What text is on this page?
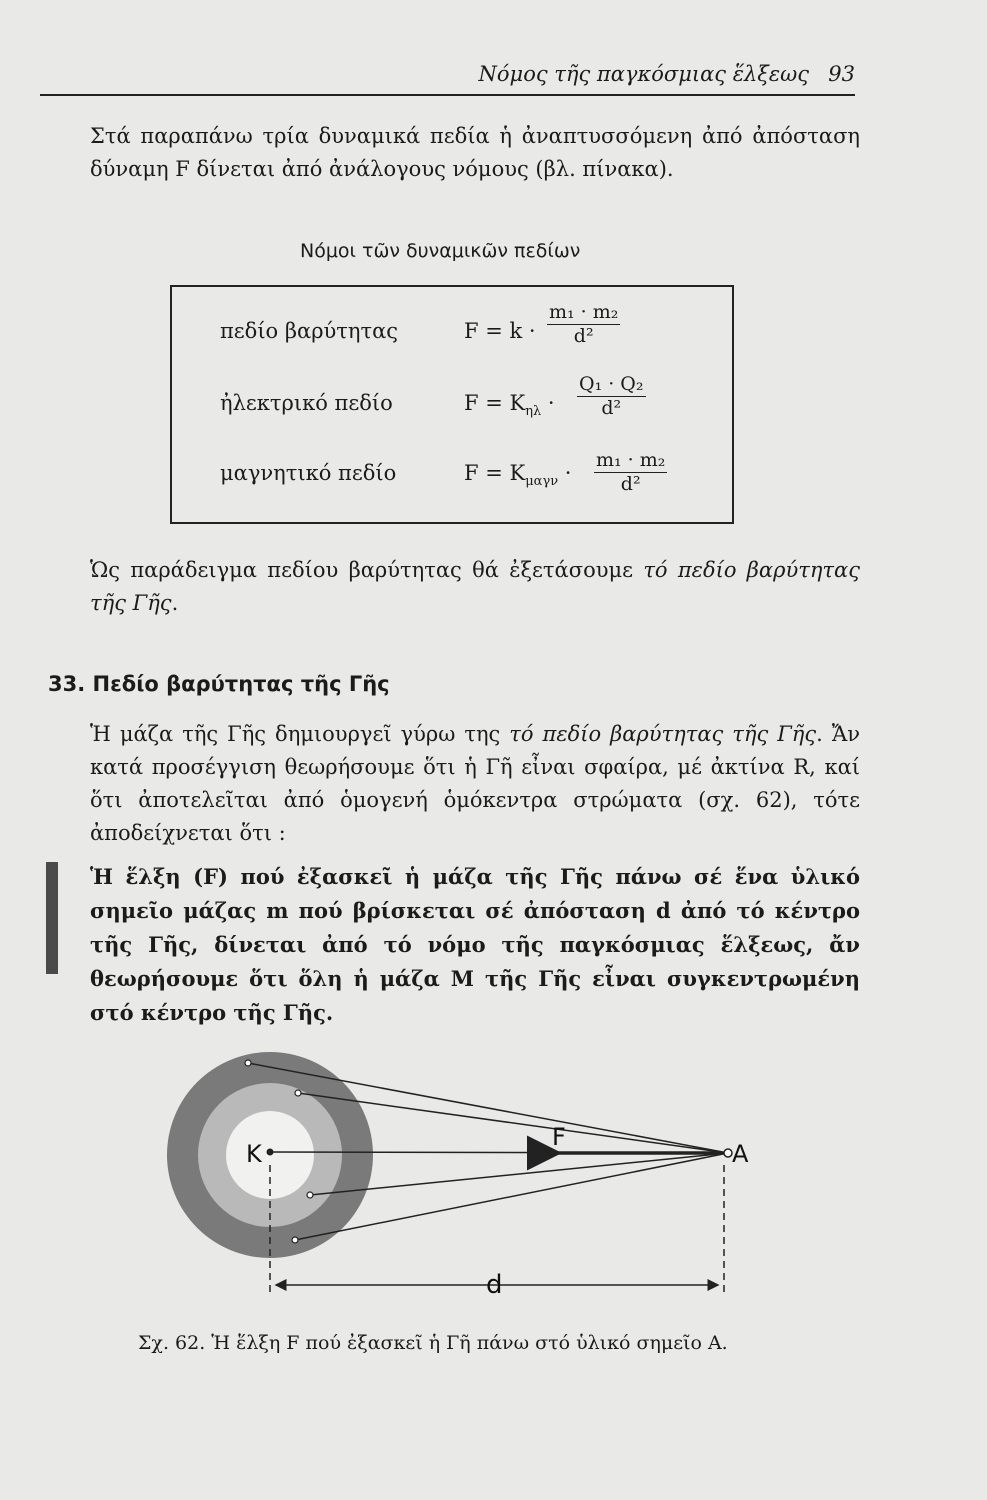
Νόμος τῆς παγκόσμιας ἕλξεως 93

Στά παραπάνω τρία δυναμικά πεδία ἡ ἀναπτυσσόμενη ἀπό ἀπόσταση δύναμη F δίνεται ἀπό ἀνάλογους νόμους (βλ. πίνακα).

Νόμοι τῶν δυναμικῶν πεδίων
πεδίο βαρύτητας	$F = k \cdot \frac{\text{m₁ · m₂}}{\text{d²}}$
ἠλεκτρικό πεδίο	$F = K_{\eta\lambda} \cdot \frac{\text{Q₁ · Q₂}}{\text{d²}}$
μαγνητικό πεδίο	$F = K_{\mu\alpha\gamma\nu} \cdot \frac{\text{m₁ · m₂}}{\text{d²}}$

Ὡς παράδειγμα πεδίου βαρύτητας θά ἐξετάσουμε τό πεδίο βαρύτητας τῆς Γῆς.

33. Πεδίο βαρύτητας τῆς Γῆς

Ἡ μάζα τῆς Γῆς δημιουργεῖ γύρω της τό πεδίο βαρύτητας τῆς Γῆς. Ἄν κατά προσέγγιση θεωρήσουμε ὅτι ἡ Γῆ εἶναι σφαίρα, μέ ἀκτίνα R, καί ὅτι ἀποτελεῖται ἀπό ὁμογενή ὁμόκεντρα στρώματα (σχ. 62), τότε ἀποδείχνεται ὅτι :

Ἡ ἕλξη (F) πού ἐξασκεῖ ἡ μάζα τῆς Γῆς πάνω σέ ἕνα ὑλικό σημεῖο μάζας m πού βρίσκεται σέ ἀπόσταση d ἀπό τό κέντρο τῆς Γῆς, δίνεται ἀπό τό νόμο τῆς παγκόσμιας ἕλξεως, ἄν θεωρήσουμε ὅτι ὅλη ἡ μάζα M τῆς Γῆς εἶναι συγκεντρωμένη στό κέντρο τῆς Γῆς.

K	A
F
d
Σχ. 62. Ἡ ἕλξη F πού ἐξασκεῖ ἡ Γῆ πάνω στό ὑλικό σημεῖο Α.
